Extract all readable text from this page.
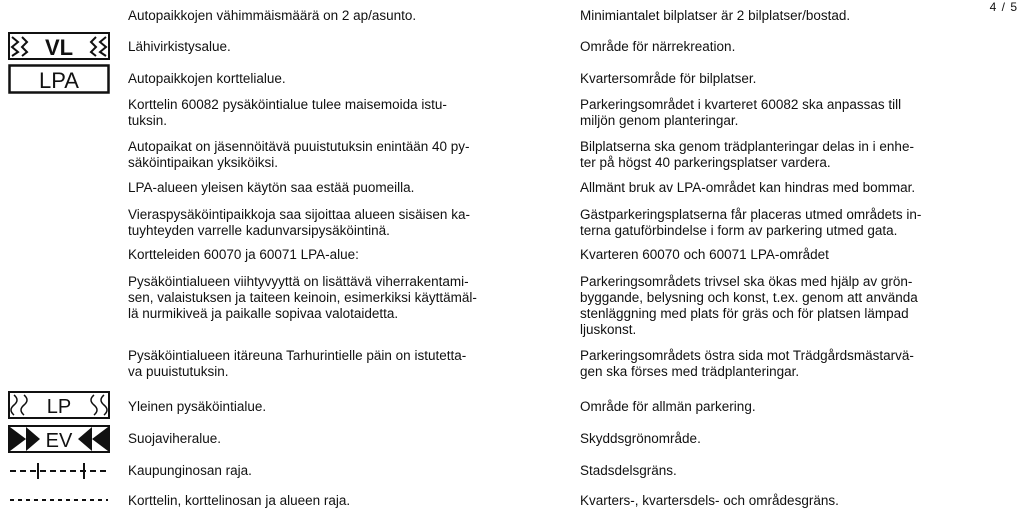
4 / 5
VL
LPA
LP
EV
Autopaikkojen vähimmäismäärä on 2 ap/asunto.
Lähivirkistysalue.
Autopaikkojen korttelialue.
Korttelin 60082 pysäköintialue tulee maisemoida istu-
tuksin.
Autopaikat on jäsennöitävä puuistutuksin enintään 40 py-
säköintipaikan yksiköiksi.
LPA-alueen yleisen käytön saa estää puomeilla.
Vieraspysäköintipaikkoja saa sijoittaa alueen sisäisen ka-
tuyhteyden varrelle kadunvarsipysäköintinä.
Kortteleiden 60070 ja 60071 LPA-alue:
Pysäköintialueen viihtyvyyttä on lisättävä viherrakentami-
sen, valaistuksen ja taiteen keinoin, esimerkiksi käyttämäl-
lä nurmikiveä ja paikalle sopivaa valotaidetta.
Pysäköintialueen itäreuna Tarhurintielle päin on istutetta-
va puuistutuksin.
Yleinen pysäköintialue.
Suojaviheralue.
Kaupunginosan raja.
Korttelin, korttelinosan ja alueen raja.
Minimiantalet bilplatser är 2 bilplatser/bostad.
Område för närrekreation.
Kvartersområde för bilplatser.
Parkeringsområdet i kvarteret 60082 ska anpassas till
miljön genom planteringar.
Bilplatserna ska genom trädplanteringar delas in i enhe-
ter på högst 40 parkeringsplatser vardera.
Allmänt bruk av LPA-området kan hindras med bommar.
Gästparkeringsplatserna får placeras utmed områdets in-
terna gatuförbindelse i form av parkering utmed gata.
Kvarteren 60070 och 60071 LPA-området
Parkeringsområdets trivsel ska ökas med hjälp av grön-
byggande, belysning och konst, t.ex. genom att använda
stenläggning med plats för gräs och för platsen lämpad
ljuskonst.
Parkeringsområdets östra sida mot Trädgårdsmästarvä-
gen ska förses med trädplanteringar.
Område för allmän parkering.
Skyddsgrönområde.
Stadsdelsgräns.
Kvarters-, kvartersdels- och områdesgräns.
